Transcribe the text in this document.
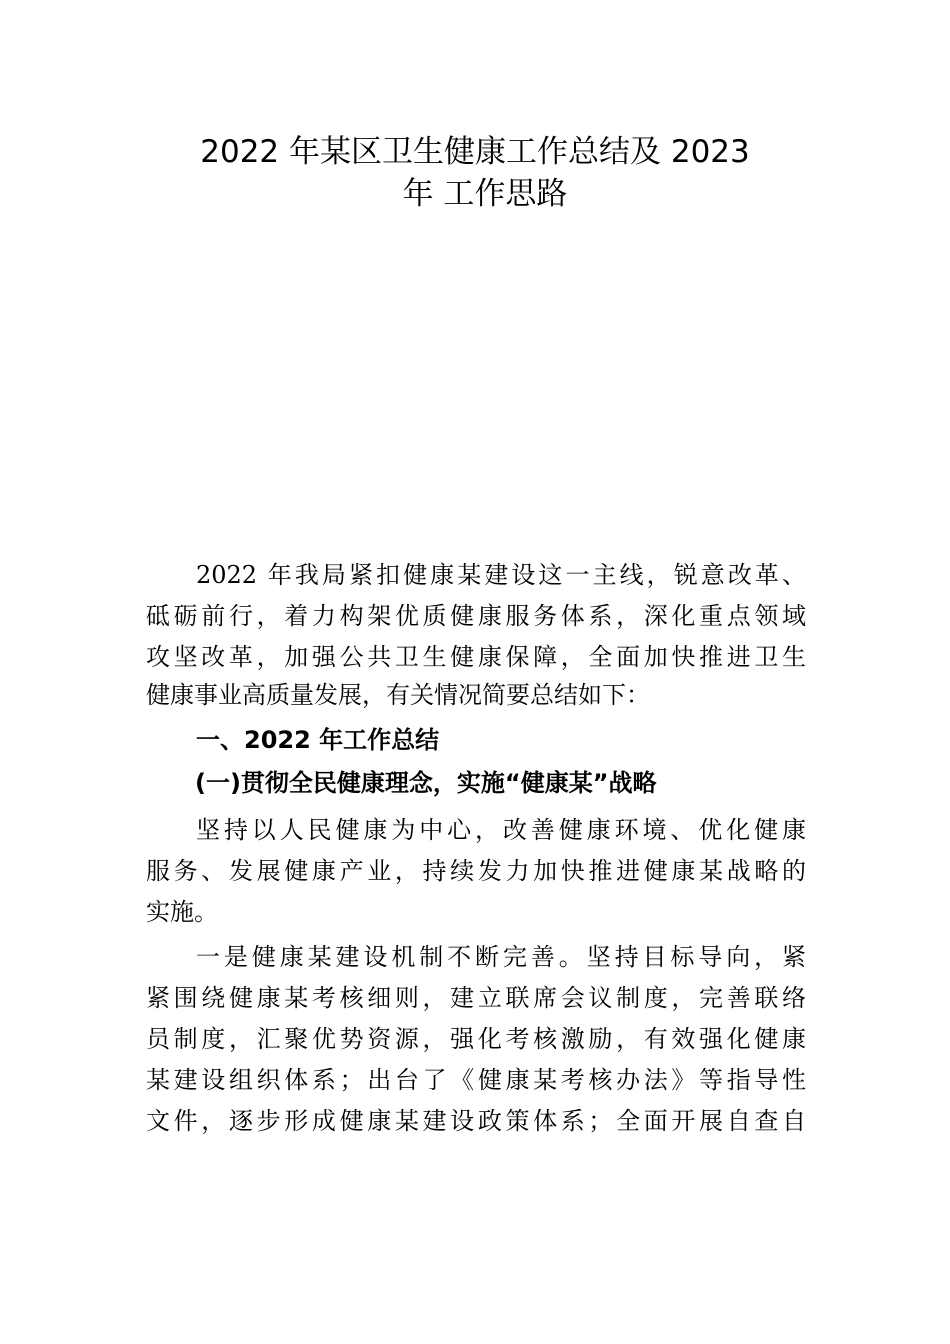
2022 年某区卫生健康工作总结及 2023
年 工作思路
2022 年我局紧扣健康某建设这一主线，锐意改革、
砥砺前行，着力构架优质健康服务体系，深化重点领域
攻坚改革，加强公共卫生健康保障，全面加快推进卫生
健康事业高质量发展，有关情况简要总结如下：
一、2022 年工作总结
(一)贯彻全民健康理念，实施“健康某”战略
坚持以人民健康为中心，改善健康环境、优化健康
服务、发展健康产业，持续发力加快推进健康某战略的
实施。
一是健康某建设机制不断完善。坚持目标导向，紧
紧围绕健康某考核细则，建立联席会议制度，完善联络
员制度，汇聚优势资源，强化考核激励，有效强化健康
某建设组织体系；出台了《健康某考核办法》等指导性
文件，逐步形成健康某建设政策体系；全面开展自查自
